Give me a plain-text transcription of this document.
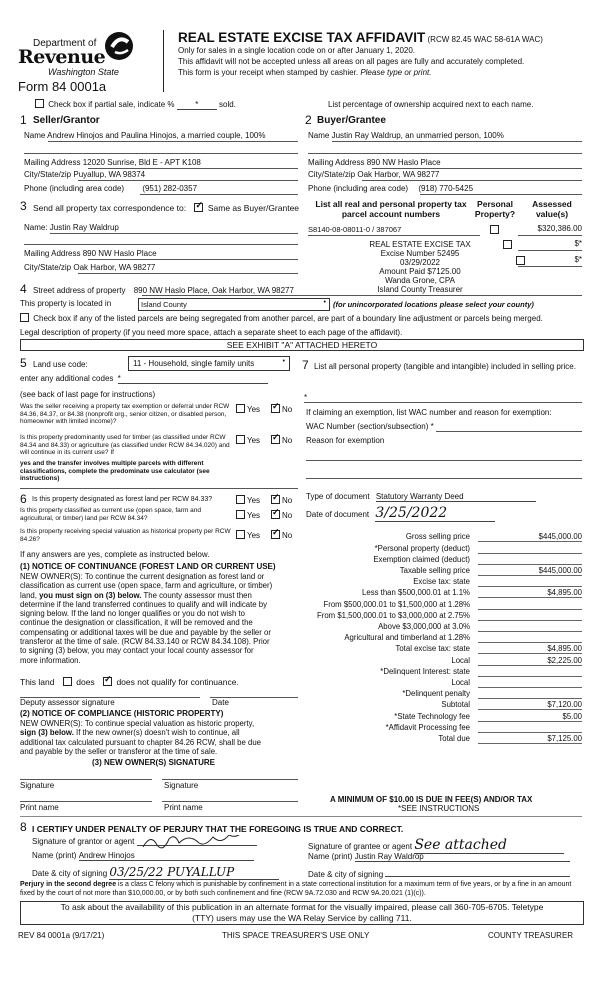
Department of
Revenue
Washington State
Form 84 0001a
REAL ESTATE EXCISE TAX AFFIDAVIT (RCW 82.45 WAC 58-61A WAC)
Only for sales in a single location code on or after January 1, 2020.
This affidavit will not be accepted unless all areas on all pages are fully and accurately completed.
This form is your receipt when stamped by cashier. Please type or print.
Check box if partial sale, indicate %	*	sold.	List percentage of ownership acquired next to each name.
1 Seller/Grantor
Name Andrew Hinojos and Paulina Hinojos, a married couple, 100%
Mailing Address 12020 Sunrise, Bld E - APT K108
City/State/zip Puyallup, WA 98374
Phone (including area code) (951) 282-0357
2 Buyer/Grantee
Name Justin Ray Waldrup, an unmarried person, 100%
Mailing Address 890 NW Haslo Place
City/State/zip Oak Harbor, WA 98277
Phone (including area code) (918) 770-5425
3 Send all property tax correspondence to: ✓	Same as Buyer/Grantee
Name: Justin Ray Waldrup
Mailing Address 890 NW Haslo Place
City/State/zip Oak Harbor, WA 98277
List all real and personal property tax parcel account numbers
Personal Property?
Assessed value(s)
S8140-08-08011-0 / 387067
	$320,386.00

$*
$*
REAL ESTATE EXCISE TAX
Excise Number 52495
03/29/2022
Amount Paid $7125.00
Wanda Grone, CPA
Island County Treasurer
4 Street address of property 890 NW Haslo Place, Oak Harbor, WA 98277
This property is located in	Island County	• (for unincorporated locations please select your county)
Check box if any of the listed parcels are being segregated from another parcel, are part of a boundary line adjustment or parcels being merged.
Legal description of property (if you need more space, attach a separate sheet to each page of the affidavit).
SEE EXHIBIT "A" ATTACHED HERETO
5 Land use code:	11 - Household, single family units	•
enter any additional codes *
(see back of last page for instructions)
Was the seller receiving a property tax exemption or deferral under RCW 84.36, 84.37, or 84.38 (nonprofit org., senior citizen, or disabled person, homeowner with limited income)?
Yes ✓	No
Is this property predominantly used for timber (as classified under RCW 84.34 and 84.33) or agriculture (as classified under RCW 84.34.020) and will continue in its current use? If
yes and the transfer involves multiple parcels with different classifications, complete the predominate use calculator (see instructions)
Yes ✓	No
6 Is this property designated as forest land per RCW 84.33?	Yes ✓	No
Is this property classified as current use (open space, farm and agricultural, or timber) land per RCW 84.34?	Yes ✓	No
Is this property receiving special valuation as historical property per RCW 84.26?	Yes ✓	No
If any answers are yes, complete as instructed below.
(1) NOTICE OF CONTINUANCE (FOREST LAND OR CURRENT USE)
NEW OWNER(S): To continue the current designation as forest land or
classification as current use (open space, farm and agriculture, or timber)
land, you must sign on (3) below. The county assessor must then
determine if the land transferred continues to qualify and will indicate by
signing below. If the land no longer qualifies or you do not wish to
continue the designation or classification, it will be removed and the
compensating or additional taxes will be due and payable by the seller or
transferor at the time of sale. (RCW 84.33.140 or RCW 84.34.108). Prior
to signing (3) below, you may contact your local county assessor for
more information.
This land	does ✓	does not qualify for continuance.
Deputy assessor signature	Date
(2) NOTICE OF COMPLIANCE (HISTORIC PROPERTY)
NEW OWNER(S): To continue special valuation as historic property,
sign (3) below. If the new owner(s) doesn't wish to continue, all
additional tax calculated pursuant to chapter 84.26 RCW, shall be due
and payable by the seller or transferor at the time of sale.
(3) NEW OWNER(S) SIGNATURE
Signature	Signature
Print name	Print name
7 List all personal property (tangible and intangible) included in selling price.
*
If claiming an exemption, list WAC number and reason for exemption:
WAC Number (section/subsection) *
Reason for exemption
Type of document Statutory Warranty Deed
Date of document 3/25/2022
Gross selling price	$445,000.00
*Personal property (deduct)
Exemption claimed (deduct)
Taxable selling price	$445,000.00
Excise tax: state
Less than $500,000.01 at 1.1%	$4,895.00
From $500,000.01 to $1,500,000 at 1.28%
From $1,500,000.01 to $3,000,000 at 2.75%
Above $3,000,000 at 3.0%
Agricultural and timberland at 1.28%
Total excise tax: state	$4,895.00
Local	$2,225.00
*Delinquent Interest: state
Local
*Delinquent penalty
Subtotal	$7,120.00
*State Technology fee	$5.00
*Affidavit Processing fee
Total due	$7,125.00
A MINIMUM OF $10.00 IS DUE IN FEE(S) AND/OR TAX
*SEE INSTRUCTIONS
8 I CERTIFY UNDER PENALTY OF PERJURY THAT THE FOREGOING IS TRUE AND CORRECT.
Signature of grantor or agent
Name (print) Andrew Hinojos
Date & city of signing 03/25/22 PUYALLUP
Signature of grantee or agent See attached
Name (print) Justin Ray Waldrop
Date & city of signing
Perjury in the second degree is a class C felony which is punishable by confinement in a state correctional institution for a maximum term of five years, or by a fine in an amount fixed by the court of not more than $10,000.00, or by both such confinement and fine (RCW 9A.72.030 and RCW 9A.20.021 (1)(c)).
To ask about the availability of this publication in an alternate format for the visually impaired, please call 360-705-6705. Teletype
(TTY) users may use the WA Relay Service by calling 711.
REV 84 0001a (9/17/21)	THIS SPACE TREASURER'S USE ONLY	COUNTY TREASURER
